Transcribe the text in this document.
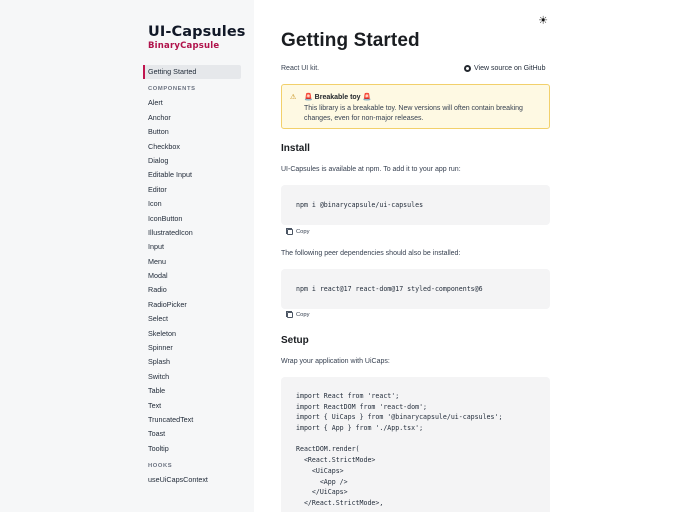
UI-Capsules
BinaryCapsule
Getting Started
COMPONENTS
Alert
Anchor
Button
Checkbox
Dialog
Editable Input
Editor
Icon
IconButton
IllustratedIcon
Input
Menu
Modal
Radio
RadioPicker
Select
Skeleton
Spinner
Splash
Switch
Table
Text
TruncatedText
Toast
Tooltip
HOOKS
useUiCapsContext
☀
Getting Started
React UI kit.	View source on GitHub
⚠ 🚨 Breakable toy 🚨
This library is a breakable toy. New versions will often contain breaking changes, even for non-major releases.
Install
UI-Capsules is available at npm. To add it to your app run:
npm i @binarycapsule/ui-capsules
Copy
The following peer dependencies should also be installed:
npm i react@17 react-dom@17 styled-components@6
Copy
Setup
Wrap your application with UiCaps:
import React from 'react';
import ReactDOM from 'react-dom';
import { UiCaps } from '@binarycapsule/ui-capsules';
import { App } from './App.tsx';
ReactDOM.render(
<React.StrictMode>
<UiCaps>
<App />
</UiCaps>
</React.StrictMode>,
